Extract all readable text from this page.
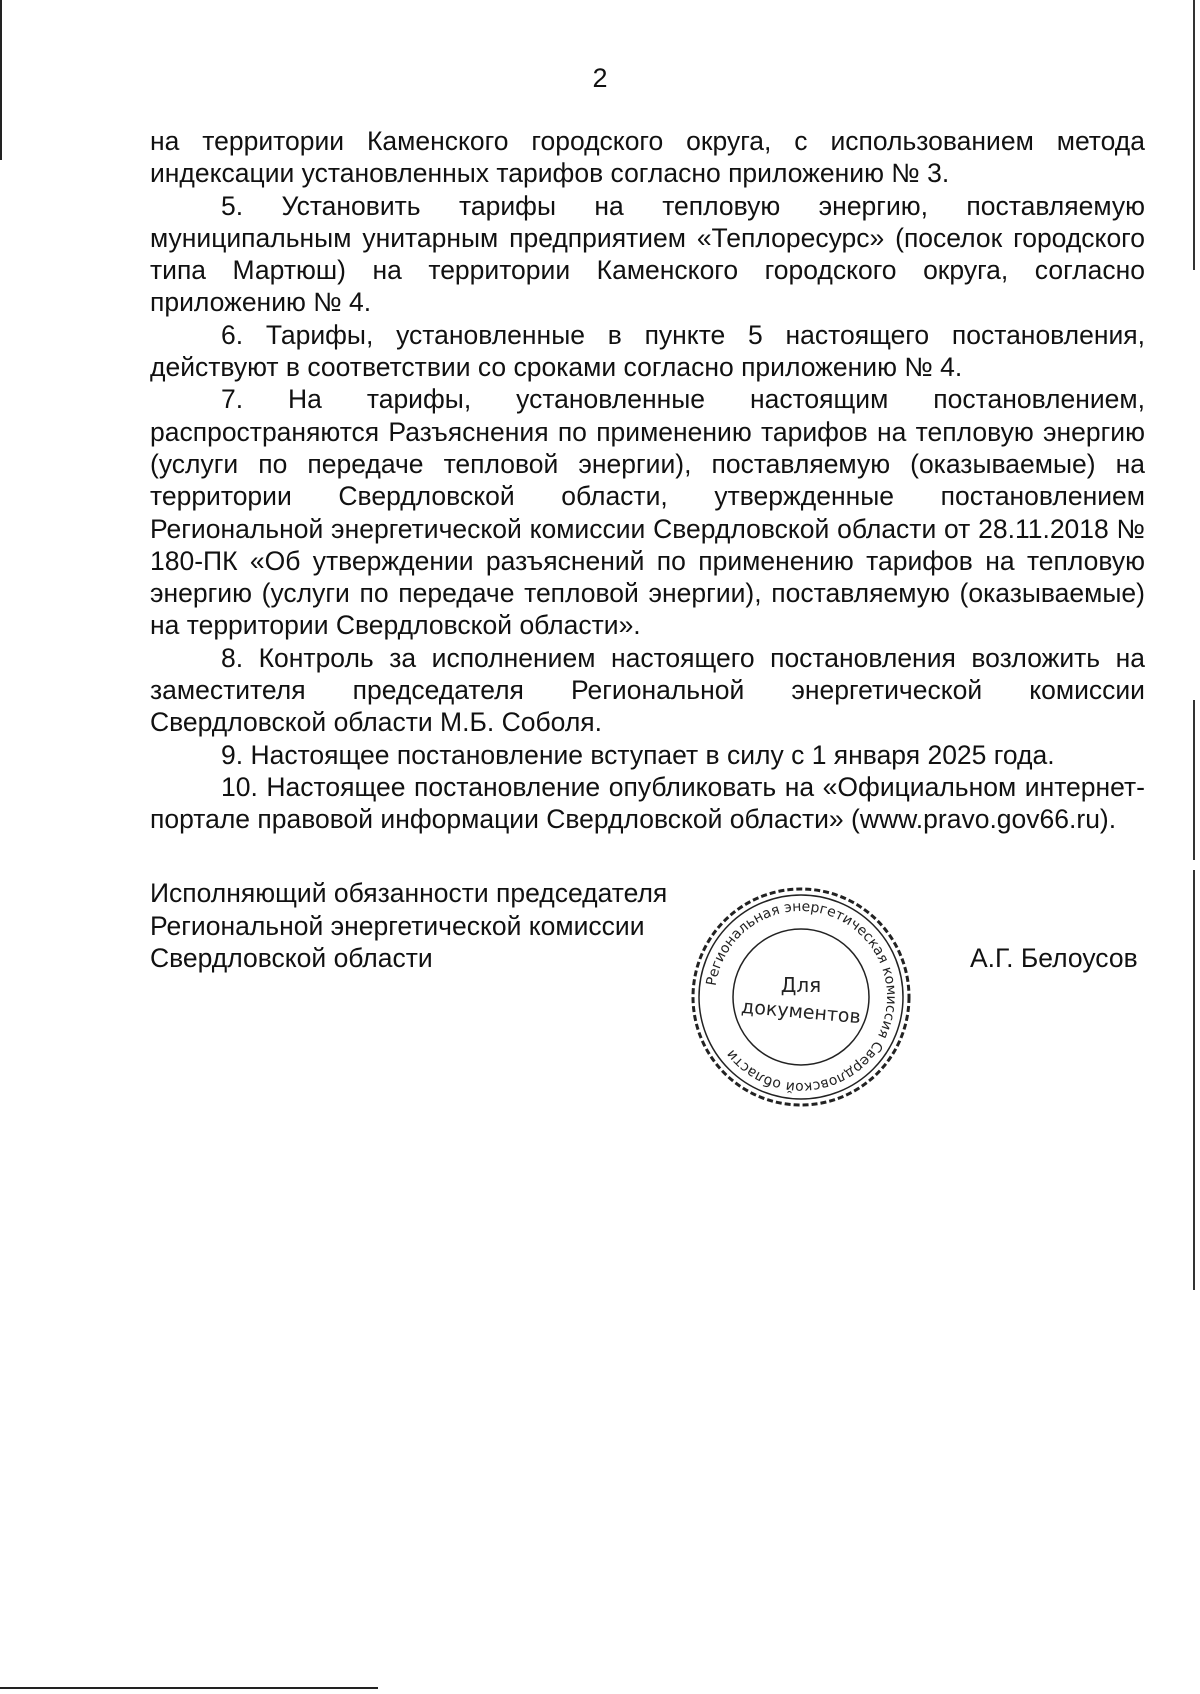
2

на территории Каменского городского округа, с использованием метода индексации установленных тарифов согласно приложению № 3.

5. Установить тарифы на тепловую энергию, поставляемую муниципальным унитарным предприятием «Теплоресурс» (поселок городского типа Мартюш) на территории Каменского городского округа, согласно приложению № 4.

6. Тарифы, установленные в пункте 5 настоящего постановления, действуют в соответствии со сроками согласно приложению № 4.

7. На тарифы, установленные настоящим постановлением, распространяются Разъяснения по применению тарифов на тепловую энергию (услуги по передаче тепловой энергии), поставляемую (оказываемые) на территории Свердловской области, утвержденные постановлением Региональной энергетической комиссии Свердловской области от 28.11.2018 № 180-ПК «Об утверждении разъяснений по применению тарифов на тепловую энергию (услуги по передаче тепловой энергии), поставляемую (оказываемые) на территории Свердловской области».

8. Контроль за исполнением настоящего постановления возложить на заместителя председателя Региональной энергетической комиссии Свердловской области М.Б. Соболя.

9. Настоящее постановление вступает в силу с 1 января 2025 года.

10. Настоящее постановление опубликовать на «Официальном интернет-портале правовой информации Свердловской области» (www.pravo.gov66.ru).

Исполняющий обязанности председателя
Региональной энергетической комиссии
Свердловской области
Региональная энергетическая комиссия Свердловской области
Для
документов
А.Г. Белоусов
